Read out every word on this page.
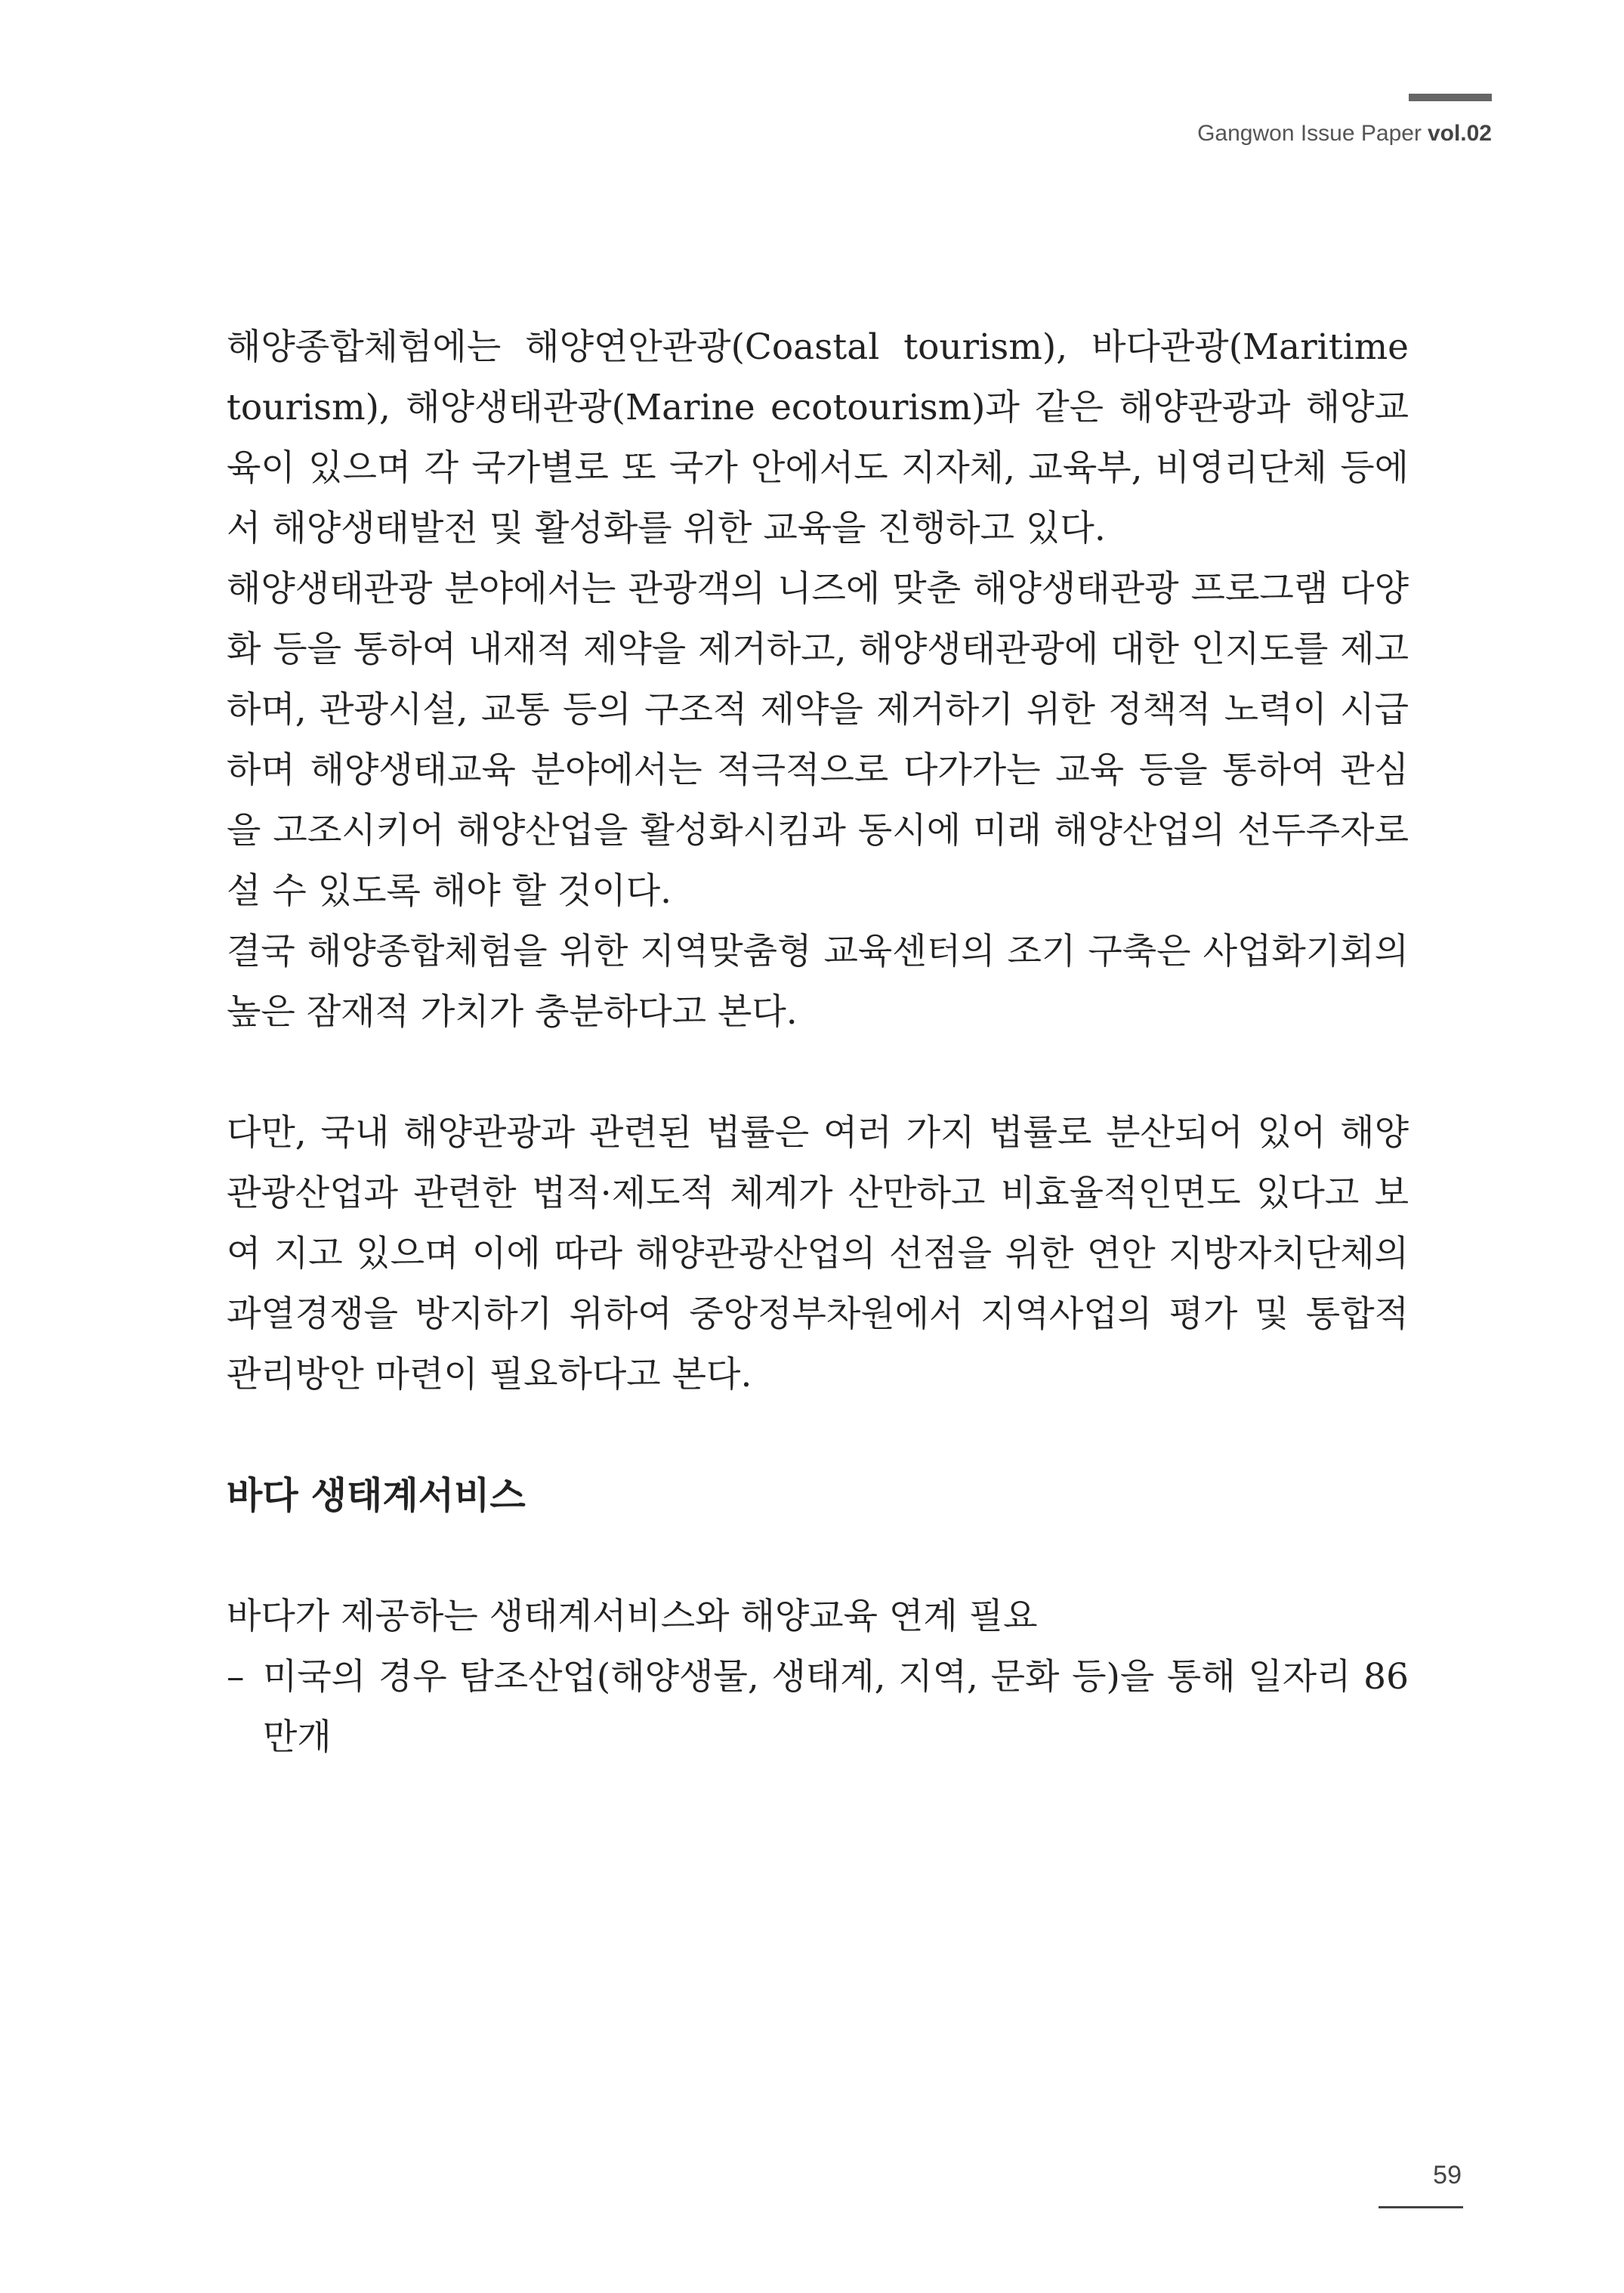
Gangwon Issue Paper vol.02

해양종합체험에는 해양연안관광(Coastal tourism), 바다관광(Maritime tourism), 해양생태관광(Marine ecotourism)과 같은 해양관광과 해양교육이 있으며 각 국가별로 또 국가 안에서도 지자체, 교육부, 비영리단체 등에서 해양생태발전 및 활성화를 위한 교육을 진행하고 있다.

해양생태관광 분야에서는 관광객의 니즈에 맞춘 해양생태관광 프로그램 다양화 등을 통하여 내재적 제약을 제거하고, 해양생태관광에 대한 인지도를 제고하며, 관광시설, 교통 등의 구조적 제약을 제거하기 위한 정책적 노력이 시급하며 해양생태교육 분야에서는 적극적으로 다가가는 교육 등을 통하여 관심을 고조시키어 해양산업을 활성화시킴과 동시에 미래 해양산업의 선두주자로 설 수 있도록 해야 할 것이다.

결국 해양종합체험을 위한 지역맞춤형 교육센터의 조기 구축은 사업화기회의 높은 잠재적 가치가 충분하다고 본다.

다만, 국내 해양관광과 관련된 법률은 여러 가지 법률로 분산되어 있어 해양관광산업과 관련한 법적·제도적 체계가 산만하고 비효율적인면도 있다고 보여 지고 있으며 이에 따라 해양관광산업의 선점을 위한 연안 지방자치단체의 과열경쟁을 방지하기 위하여 중앙정부차원에서 지역사업의 평가 및 통합적 관리방안 마련이 필요하다고 본다.

바다 생태계서비스

바다가 제공하는 생태계서비스와 해양교육 연계 필요

– 미국의 경우 탐조산업(해양생물, 생태계, 지역, 문화 등)을 통해 일자리 86만개
59
